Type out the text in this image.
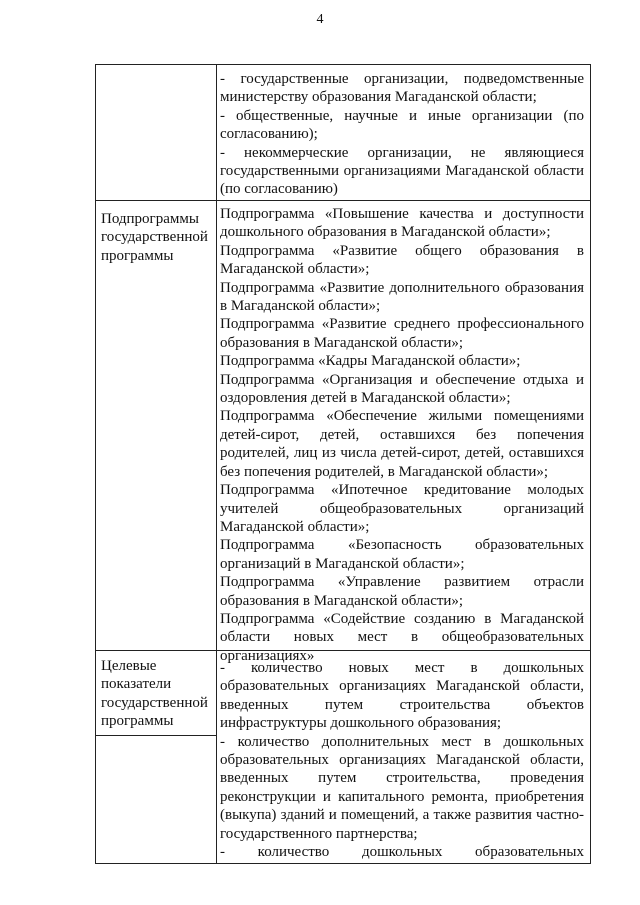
4

- государственные организации, подведомственные министерству образования Магаданской области;

- общественные, научные и иные организации (по согласованию);

- некоммерческие организации, не являющиеся государственными организациями Магаданской области (по согласованию)

Подпрограммы государственной программы

Подпрограмма «Повышение качества и доступности дошкольного образования в Магаданской области»;

Подпрограмма «Развитие общего образования в Магаданской области»;

Подпрограмма «Развитие дополнительного образования в Магаданской области»;

Подпрограмма «Развитие среднего профессионального образования в Магаданской области»;

Подпрограмма «Кадры Магаданской области»;

Подпрограмма «Организация и обеспечение отдыха и оздоровления детей в Магаданской области»;

Подпрограмма «Обеспечение жилыми помещениями детей-сирот, детей, оставшихся без попечения родителей, лиц из числа детей-сирот, детей, оставшихся без попечения родителей, в Магаданской области»;

Подпрограмма «Ипотечное кредитование молодых учителей общеобразовательных организаций Магаданской области»;

Подпрограмма «Безопасность образовательных организаций в Магаданской области»;

Подпрограмма «Управление развитием отрасли образования в Магаданской области»;

Подпрограмма «Содействие созданию в Магаданской области новых мест в общеобразовательных организациях»

Целевые показатели государственной программы

- количество новых мест в дошкольных образовательных организациях Магаданской области, введенных путем строительства объектов инфраструктуры дошкольного образования;

- количество дополнительных мест в дошкольных образовательных организациях Магаданской области, введенных путем строительства, проведения реконструкции и капитального ремонта, приобретения (выкупа) зданий и помещений, а также развития частно-государственного партнерства;

- количество дошкольных образовательных
